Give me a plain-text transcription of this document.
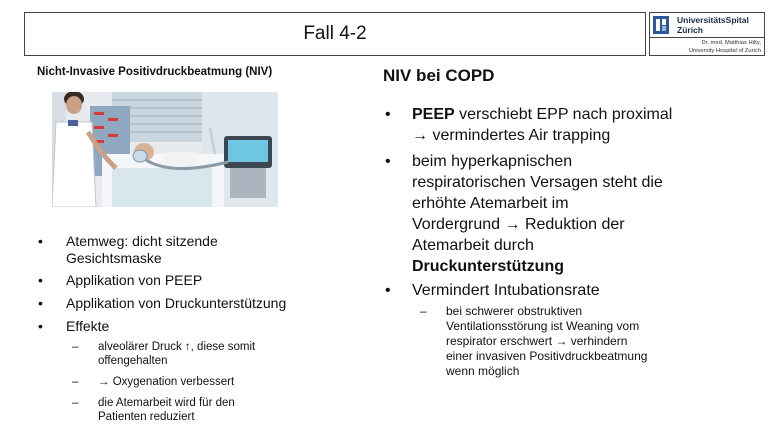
Fall 4-2
UniversitätsSpital
Zürich
Dr. med. Matthias Hilty,
University Hospital of Zurich
Nicht-Invasive Positivdruckbeatmung (NIV)
• Atemweg: dicht sitzende
Gesichtsmaske
• Applikation von PEEP
• Applikation von Druckunterstützung
• Effekte
– alveolärer Druck ↑, diese somit
offengehalten
– → Oxygenation verbessert
– die Atemarbeit wird für den
Patienten reduziert
NIV bei COPD
• PEEP verschiebt EPP nach proximal
→ vermindertes Air trapping
• beim hyperkapnischen
respiratorischen Versagen steht die
erhöhte Atemarbeit im
Vordergrund → Reduktion der
Atemarbeit durch
Druckunterstützung
• Vermindert Intubationsrate
– bei schwerer obstruktiven
Ventilationsstörung ist Weaning vom
respirator erschwert → verhindern
einer invasiven Positivdruckbeatmung
wenn möglich
